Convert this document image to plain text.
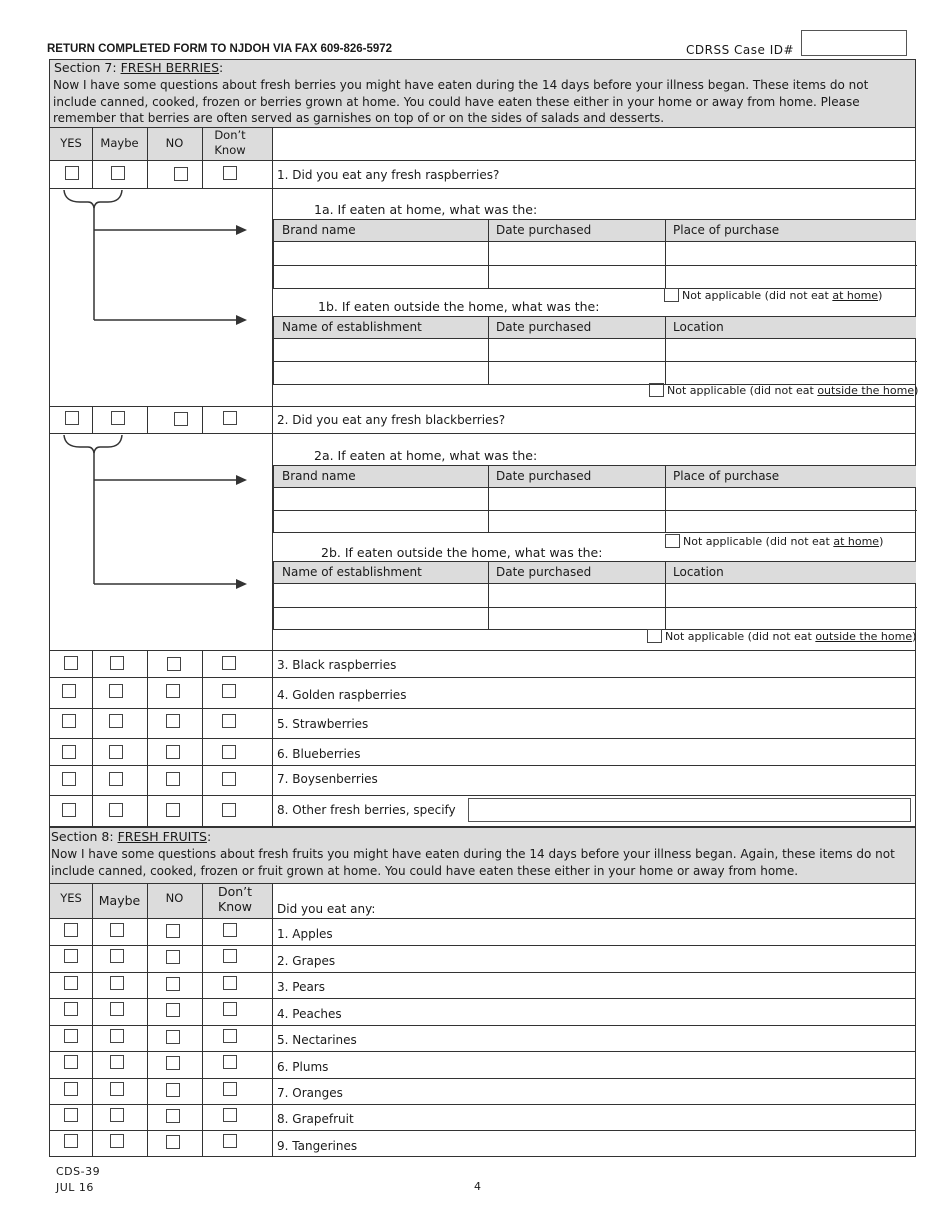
RETURN COMPLETED FORM TO NJDOH VIA FAX 609-826-5972	CDRSS Case ID#
Section 7: FRESH BERRIES:
Now I have some questions about fresh berries you might have eaten during the 14 days before your illness began. These items do not
include canned, cooked, frozen or berries grown at home. You could have eaten these either in your home or away from home. Please
remember that berries are often served as garnishes on top of or on the sides of salads and desserts.
YES	Maybe	NO
Don’t
Know
1. Did you eat any fresh raspberries?
1a. If eaten at home, what was the:
Brand name	Date purchased	Place of purchase
Not applicable (did not eat at home)
1b. If eaten outside the home, what was the:
Name of establishment	Date purchased	Location
Not applicable (did not eat outside the home)
2. Did you eat any fresh blackberries?
2a. If eaten at home, what was the:
Brand name	Date purchased	Place of purchase
Not applicable (did not eat at home)
2b. If eaten outside the home, what was the:
Name of establishment	Date purchased	Location
Not applicable (did not eat outside the home)
3. Black raspberries
4. Golden raspberries
5. Strawberries
6. Blueberries
7. Boysenberries
8. Other fresh berries, specify
Section 8: FRESH FRUITS:
Now I have some questions about fresh fruits you might have eaten during the 14 days before your illness began. Again, these items do not
include canned, cooked, frozen or fruit grown at home. You could have eaten these either in your home or away from home.
YES	Maybe	NO	Don’t
Know	Did you eat any:
1. Apples
2. Grapes
3. Pears
4. Peaches
5. Nectarines
6. Plums
7. Oranges
8. Grapefruit
9. Tangerines
CDS-39
JUL 16	4
